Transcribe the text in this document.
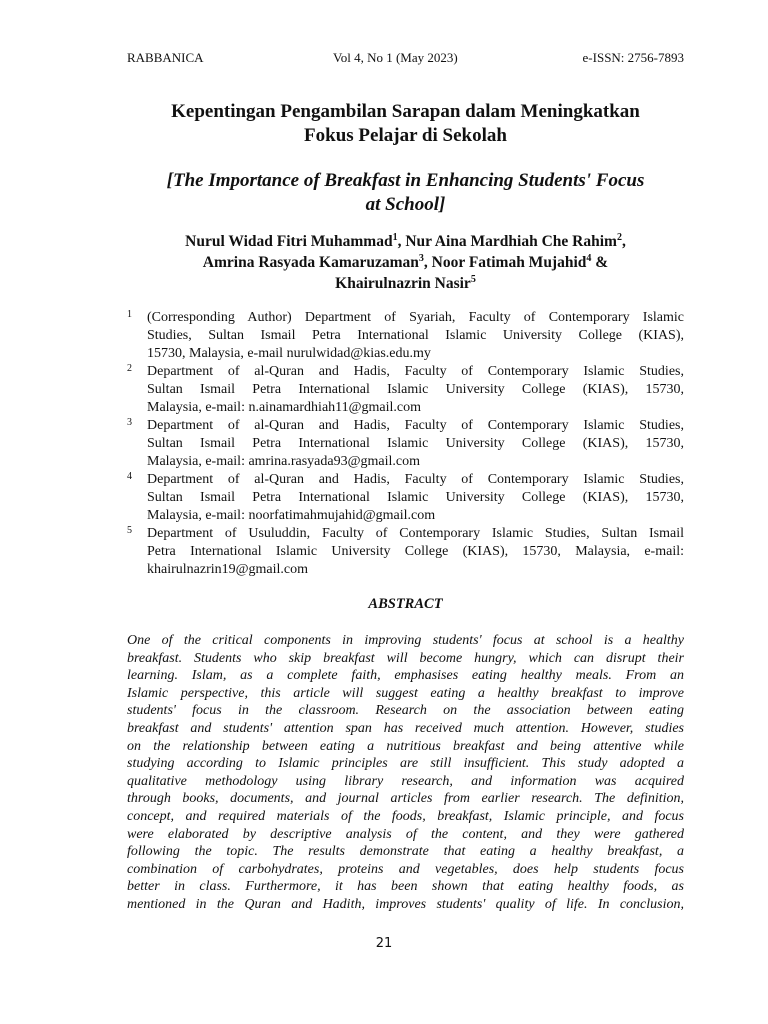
RABBANICA	Vol 4, No 1 (May 2023)	e-ISSN: 2756-7893
Kepentingan Pengambilan Sarapan dalam Meningkatkan
Fokus Pelajar di Sekolah
[The Importance of Breakfast in Enhancing Students' Focus
at School]
Nurul Widad Fitri Muhammad$^1$, Nur Aina Mardhiah Che Rahim$^2$,
Amrina Rasyada Kamaruzaman$^3$, Noor Fatimah Mujahid$^4$ &
Khairulnazrin Nasir$^5$
1 (Corresponding Author) Department of Syariah, Faculty of Contemporary Islamic
Studies, Sultan Ismail Petra International Islamic University College (KIAS),
15730, Malaysia, e-mail nurulwidad@kias.edu.my
2 Department of al-Quran and Hadis, Faculty of Contemporary Islamic Studies,
Sultan Ismail Petra International Islamic University College (KIAS), 15730,
Malaysia, e-mail: n.ainamardhiah11@gmail.com
3 Department of al-Quran and Hadis, Faculty of Contemporary Islamic Studies,
Sultan Ismail Petra International Islamic University College (KIAS), 15730,
Malaysia, e-mail: amrina.rasyada93@gmail.com
4 Department of al-Quran and Hadis, Faculty of Contemporary Islamic Studies,
Sultan Ismail Petra International Islamic University College (KIAS), 15730,
Malaysia, e-mail: noorfatimahmujahid@gmail.com
5 Department of Usuluddin, Faculty of Contemporary Islamic Studies, Sultan Ismail
Petra International Islamic University College (KIAS), 15730, Malaysia, e-mail:
khairulnazrin19@gmail.com
ABSTRACT
One of the critical components in improving students' focus at school is a healthy
breakfast. Students who skip breakfast will become hungry, which can disrupt their
learning. Islam, as a complete faith, emphasises eating healthy meals. From an
Islamic perspective, this article will suggest eating a healthy breakfast to improve
students' focus in the classroom. Research on the association between eating
breakfast and students' attention span has received much attention. However, studies
on the relationship between eating a nutritious breakfast and being attentive while
studying according to Islamic principles are still insufficient. This study adopted a
qualitative methodology using library research, and information was acquired
through books, documents, and journal articles from earlier research. The definition,
concept, and required materials of the foods, breakfast, Islamic principle, and focus
were elaborated by descriptive analysis of the content, and they were gathered
following the topic. The results demonstrate that eating a healthy breakfast, a
combination of carbohydrates, proteins and vegetables, does help students focus
better in class. Furthermore, it has been shown that eating healthy foods, as
mentioned in the Quran and Hadith, improves students' quality of life. In conclusion,
21
